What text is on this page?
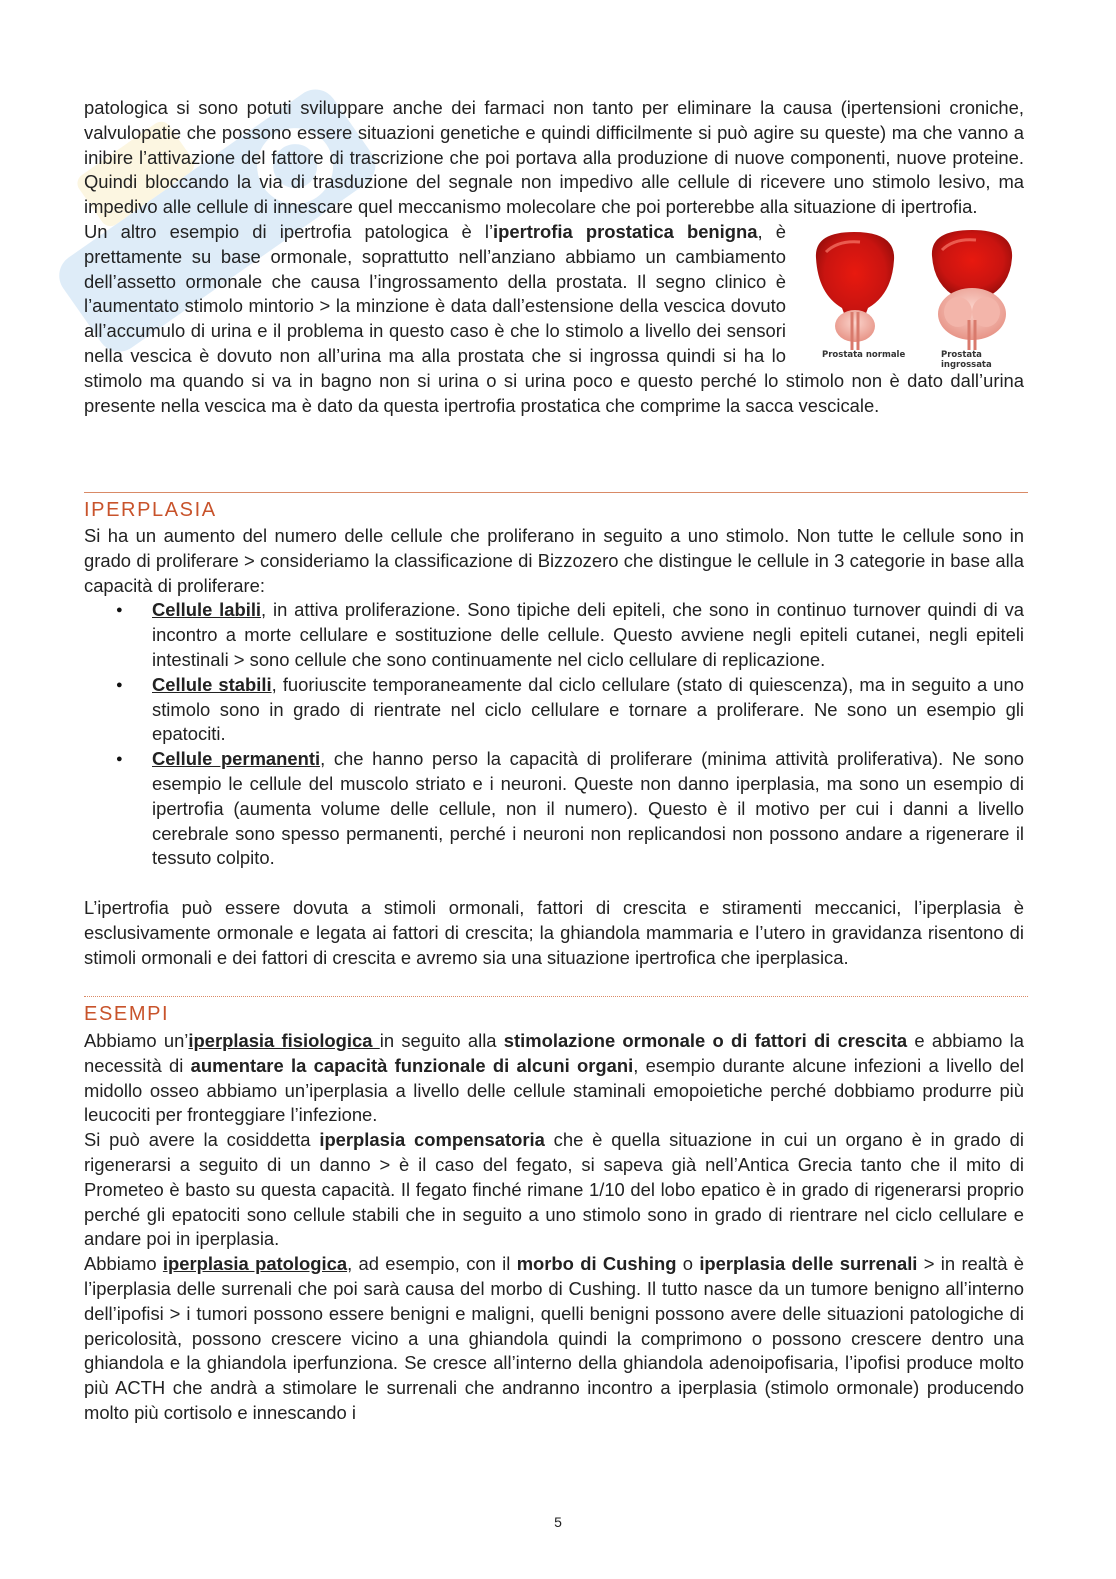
patologica si sono potuti sviluppare anche dei farmaci non tanto per eliminare la causa (ipertensioni croniche, valvulopatie che possono essere situazioni genetiche e quindi difficilmente si può agire su queste) ma che vanno a inibire l’attivazione del fattore di trascrizione che poi portava alla produzione di nuove componenti, nuove proteine. Quindi bloccando la via di trasduzione del segnale non impedivo alle cellule di ricevere uno stimolo lesivo, ma impedivo alle cellule di innescare quel meccanismo molecolare che poi porterebbe alla situazione di ipertrofia.

Un altro esempio di ipertrofia patologica è l’ipertrofia prostatica benigna, è prettamente su base ormonale, soprattutto nell’anziano abbiamo un cambiamento dell’assetto ormonale che causa l’ingrossamento della prostata. Il segno clinico è l’aumentato stimolo mintorio > la minzione è data dall’estensione della vescica dovuto all’accumulo di urina e il problema in questo caso è che lo stimolo a livello dei sensori nella vescica è dovuto non all’urina ma alla prostata che si ingrossa quindi si ha lo stimolo ma quando si va in bagno non si urina o si urina poco e questo perché lo stimolo non è dato dall’urina presente nella vescica ma è dato da questa ipertrofia prostatica che comprime la sacca vescicale.

Prostata normale	Prostata ingrossata
IPERPLASIA

Si ha un aumento del numero delle cellule che proliferano in seguito a uno stimolo. Non tutte le cellule sono in grado di proliferare > consideriamo la classificazione di Bizzozero che distingue le cellule in 3 categorie in base alla capacità di proliferare:

● Cellule labili, in attiva proliferazione. Sono tipiche deli epiteli, che sono in continuo turnover quindi di va incontro a morte cellulare e sostituzione delle cellule. Questo avviene negli epiteli cutanei, negli epiteli intestinali > sono cellule che sono continuamente nel ciclo cellulare di replicazione.
● Cellule stabili, fuoriuscite temporaneamente dal ciclo cellulare (stato di quiescenza), ma in seguito a uno stimolo sono in grado di rientrate nel ciclo cellulare e tornare a proliferare. Ne sono un esempio gli epatociti.
● Cellule permanenti, che hanno perso la capacità di proliferare (minima attività proliferativa). Ne sono esempio le cellule del muscolo striato e i neuroni. Queste non danno iperplasia, ma sono un esempio di ipertrofia (aumenta volume delle cellule, non il numero). Questo è il motivo per cui i danni a livello cerebrale sono spesso permanenti, perché i neuroni non replicandosi non possono andare a rigenerare il tessuto colpito.

L’ipertrofia può essere dovuta a stimoli ormonali, fattori di crescita e stiramenti meccanici, l’iperplasia è esclusivamente ormonale e legata ai fattori di crescita; la ghiandola mammaria e l’utero in gravidanza risentono di stimoli ormonali e dei fattori di crescita e avremo sia una situazione ipertrofica che iperplasica.

ESEMPI

Abbiamo un’iperplasia fisiologica in seguito alla stimolazione ormonale o di fattori di crescita e abbiamo la necessità di aumentare la capacità funzionale di alcuni organi, esempio durante alcune infezioni a livello del midollo osseo abbiamo un’iperplasia a livello delle cellule staminali emopoietiche perché dobbiamo produrre più leucociti per fronteggiare l’infezione.

Si può avere la cosiddetta iperplasia compensatoria che è quella situazione in cui un organo è in grado di rigenerarsi a seguito di un danno > è il caso del fegato, si sapeva già nell’Antica Grecia tanto che il mito di Prometeo è basto su questa capacità. Il fegato finché rimane 1/10 del lobo epatico è in grado di rigenerarsi proprio perché gli epatociti sono cellule stabili che in seguito a uno stimolo sono in grado di rientrare nel ciclo cellulare e andare poi in iperplasia.

Abbiamo iperplasia patologica, ad esempio, con il morbo di Cushing o iperplasia delle surrenali > in realtà è l’iperplasia delle surrenali che poi sarà causa del morbo di Cushing. Il tutto nasce da un tumore benigno all’interno dell’ipofisi > i tumori possono essere benigni e maligni, quelli benigni possono avere delle situazioni patologiche di pericolosità, possono crescere vicino a una ghiandola quindi la comprimono o possono crescere dentro una ghiandola e la ghiandola iperfunziona. Se cresce all’interno della ghiandola adenoipofisaria, l’ipofisi produce molto più ACTH che andrà a stimolare le surrenali che andranno incontro a iperplasia (stimolo ormonale) producendo molto più cortisolo e innescando i

5
